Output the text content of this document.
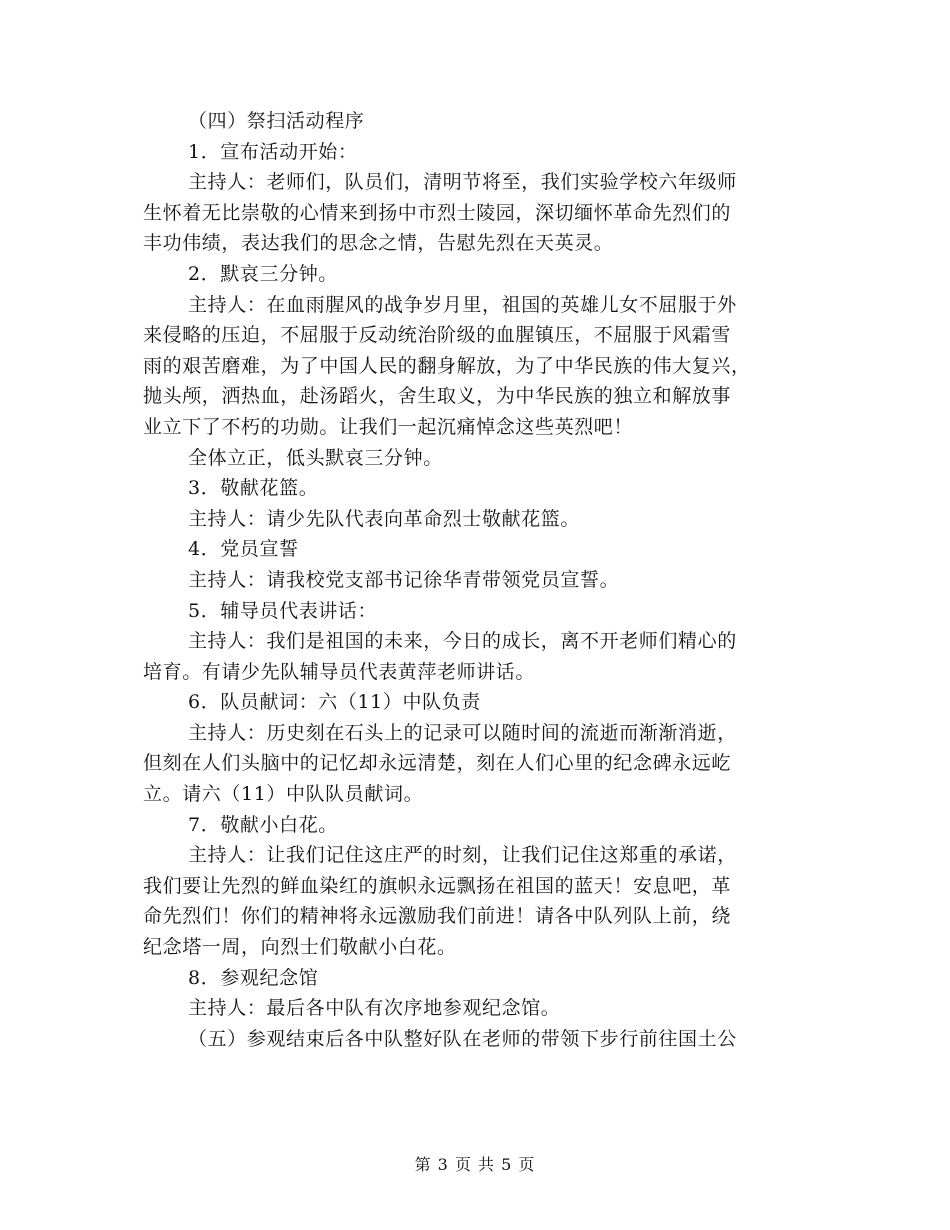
（四）祭扫活动程序
1．宣布活动开始：
主持人：老师们，队员们，清明节将至，我们实验学校六年级师
生怀着无比崇敬的心情来到扬中市烈士陵园，深切缅怀革命先烈们的
丰功伟绩，表达我们的思念之情，告慰先烈在天英灵。
2．默哀三分钟。
主持人：在血雨腥风的战争岁月里，祖国的英雄儿女不屈服于外
来侵略的压迫，不屈服于反动统治阶级的血腥镇压，不屈服于风霜雪
雨的艰苦磨难，为了中国人民的翻身解放，为了中华民族的伟大复兴，
抛头颅，洒热血，赴汤蹈火，舍生取义，为中华民族的独立和解放事
业立下了不朽的功勋。让我们一起沉痛悼念这些英烈吧！
全体立正，低头默哀三分钟。
3．敬献花篮。
主持人：请少先队代表向革命烈士敬献花篮。
4．党员宣誓
主持人：请我校党支部书记徐华青带领党员宣誓。
5．辅导员代表讲话：
主持人：我们是祖国的未来，今日的成长，离不开老师们精心的
培育。有请少先队辅导员代表黄萍老师讲话。
6．队员献词：六（11）中队负责
主持人：历史刻在石头上的记录可以随时间的流逝而渐渐消逝，
但刻在人们头脑中的记忆却永远清楚，刻在人们心里的纪念碑永远屹
立。请六（11）中队队员献词。
7．敬献小白花。
主持人：让我们记住这庄严的时刻，让我们记住这郑重的承诺，
我们要让先烈的鲜血染红的旗帜永远飘扬在祖国的蓝天！安息吧，革
命先烈们！你们的精神将永远激励我们前进！请各中队列队上前，绕
纪念塔一周，向烈士们敬献小白花。
8．参观纪念馆
主持人：最后各中队有次序地参观纪念馆。
（五）参观结束后各中队整好队在老师的带领下步行前往国土公
第 3 页 共 5 页
